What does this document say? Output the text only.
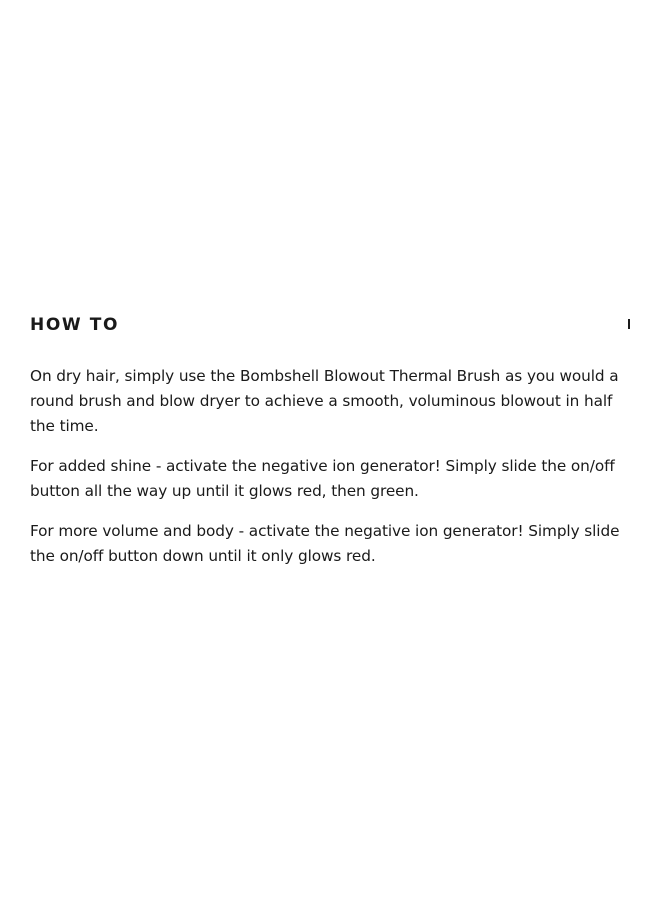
HOW TO

On dry hair, simply use the Bombshell Blowout Thermal Brush as you would a round brush and blow dryer to achieve a smooth, voluminous blowout in half the time.

For added shine - activate the negative ion generator! Simply slide the on/off button all the way up until it glows red, then green.

For more volume and body - activate the negative ion generator! Simply slide the on/off button down until it only glows red.
